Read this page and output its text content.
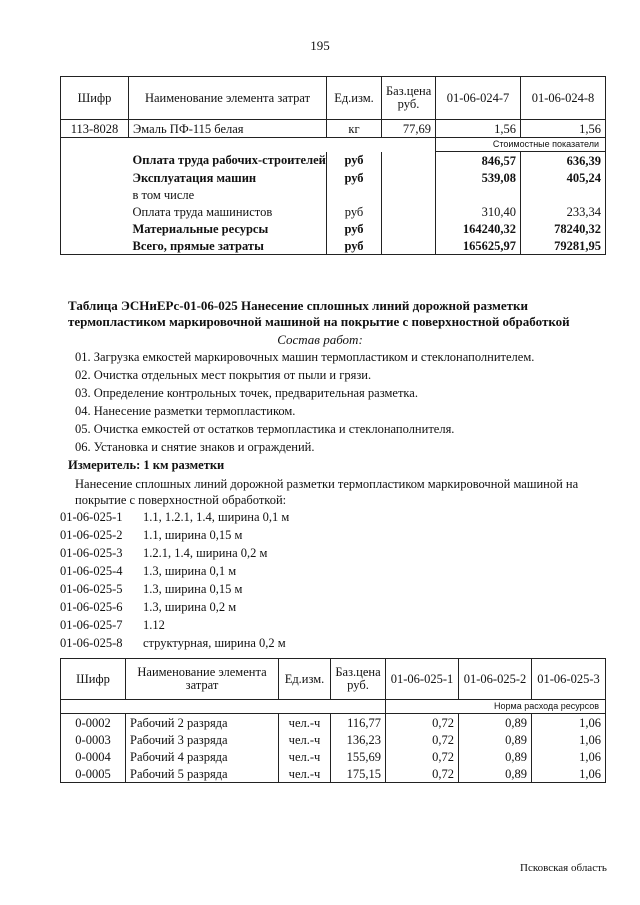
195
Шифр	Наименование элемента затрат	Ед.изм.	Баз.цена руб.	01-06-024-7	01-06-024-8
113-8028	Эмаль ПФ-115 белая	кг	77,69	1,56	1,56
				Стоимостные показатели	
	Оплата труда рабочих-строителей	руб		846,57	636,39
	Эксплуатация машин	руб		539,08	405,24
	в том числе				
	Оплата труда машинистов	руб		310,40	233,34
	Материальные ресурсы	руб		164240,32	78240,32
	Всего, прямые затраты	руб		165625,97	79281,95
Таблица ЭСНиЕРс-01-06-025 Нанесение сплошных линий дорожной разметки
термопластиком маркировочной машиной на покрытие с поверхностной обработкой
Состав работ:
01. Загрузка емкостей маркировочных машин термопластиком и стеклонаполнителем.
02. Очистка отдельных мест покрытия от пыли и грязи.
03. Определение контрольных точек, предварительная разметка.
04. Нанесение разметки термопластиком.
05. Очистка емкостей от остатков термопластика и стеклонаполнителя.
06. Установка и снятие знаков и ограждений.
Измеритель: 1 км разметки
Нанесение сплошных линий дорожной разметки термопластиком маркировочной машиной на
покрытие с поверхностной обработкой:
01-06-025-1 1.1, 1.2.1, 1.4, ширина 0,1 м
01-06-025-2 1.1, ширина 0,15 м
01-06-025-3 1.2.1, 1.4, ширина 0,2 м
01-06-025-4 1.3, ширина 0,1 м
01-06-025-5 1.3, ширина 0,15 м
01-06-025-6 1.3, ширина 0,2 м
01-06-025-7 1.12
01-06-025-8 структурная, ширина 0,2 м
Шифр	Наименование элемента затрат	Ед.изм.	Баз.цена руб.	01-06-025-1	01-06-025-2	01-06-025-3
				Норма расхода ресурсов		
0-0002	Рабочий 2 разряда	чел.-ч	116,77	0,72	0,89	1,06
0-0003	Рабочий 3 разряда	чел.-ч	136,23	0,72	0,89	1,06
0-0004	Рабочий 4 разряда	чел.-ч	155,69	0,72	0,89	1,06
0-0005	Рабочий 5 разряда	чел.-ч	175,15	0,72	0,89	1,06
Псковская область
